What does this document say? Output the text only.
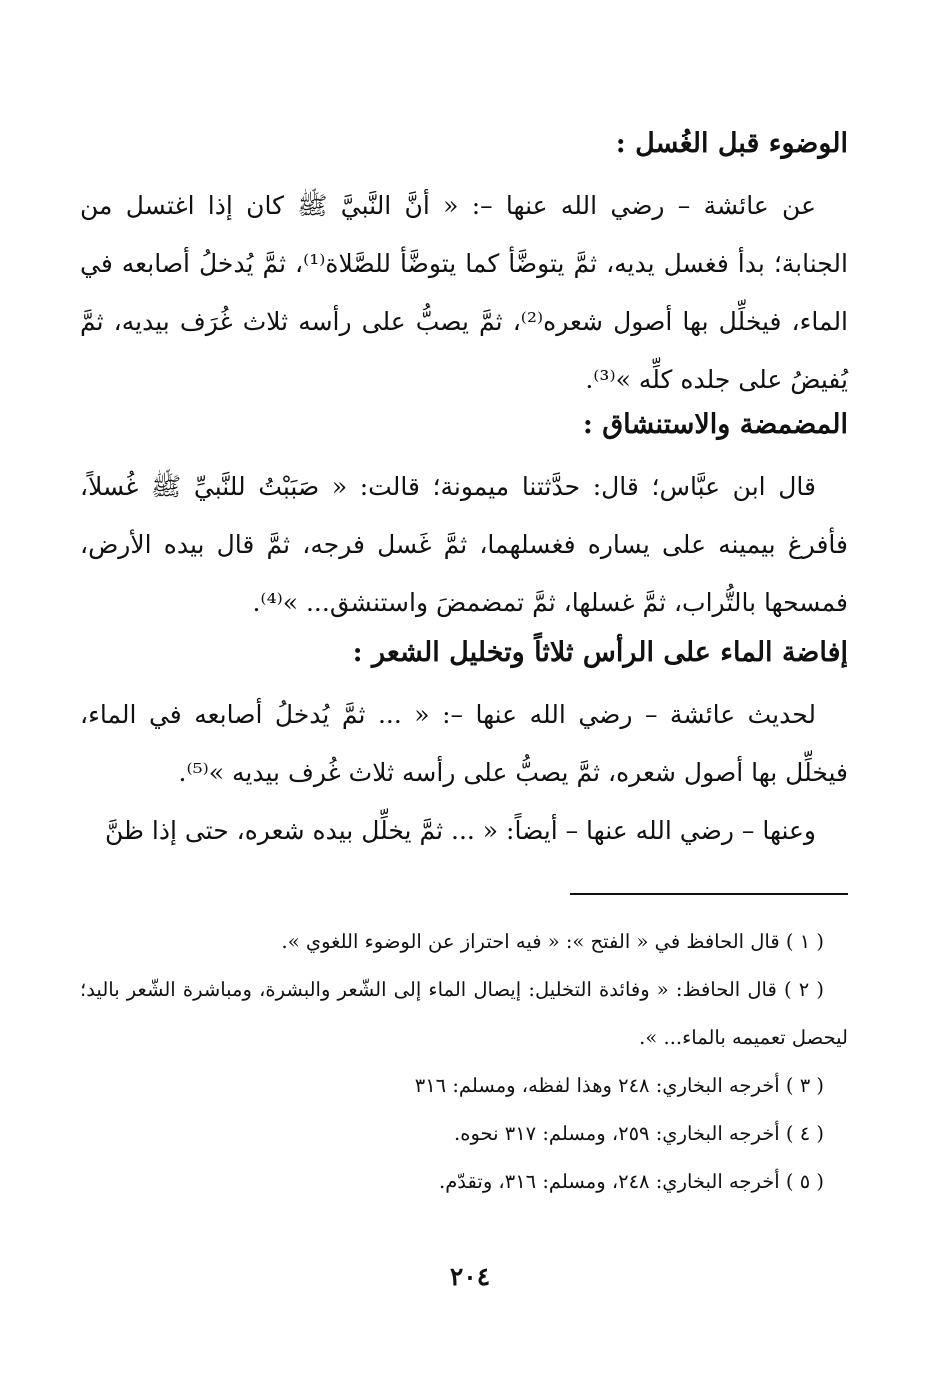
الوضوء قبل الغُسل :
عن عائشة – رضي الله عنها –: « أنَّ النَّبيَّ ﷺ كان إذا اغتسل من الجنابة؛ بدأ فغسل يديه، ثمَّ يتوضَّأ كما يتوضَّأ للصَّلاة⁽¹⁾، ثمَّ يُدخلُ أصابعه في الماء، فيخلِّل بها أصول شعره⁽²⁾، ثمَّ يصبُّ على رأسه ثلاث غُرَف بيديه، ثمَّ يُفيضُ على جلده كلِّه »⁽³⁾.
المضمضة والاستنشاق :
قال ابن عبَّاس؛ قال: حدَّثتنا ميمونة؛ قالت: « صَبَبْتُ للنَّبيِّ ﷺ غُسلاً، فأفرغ بيمينه على يساره فغسلهما، ثمَّ غَسل فرجه، ثمَّ قال بيده الأرض، فمسحها بالتُّراب، ثمَّ غسلها، ثمَّ تمضمضَ واستنشق... »⁽⁴⁾.
إفاضة الماء على الرأس ثلاثاً وتخليل الشعر :
لحديث عائشة – رضي الله عنها –: « ... ثمَّ يُدخلُ أصابعه في الماء، فيخلِّل بها أصول شعره، ثمَّ يصبُّ على رأسه ثلاث غُرف بيديه »⁽⁵⁾.
وعنها – رضي الله عنها – أيضاً: « ... ثمَّ يخلِّل بيده شعره، حتى إذا ظنَّ
( ١ ) قال الحافظ في « الفتح »: « فيه احتراز عن الوضوء اللغوي ».
( ٢ ) قال الحافظ: « وفائدة التخليل: إيصال الماء إلى الشّعر والبشرة، ومباشرة الشّعر باليد؛ ليحصل تعميمه بالماء... ».
( ٣ ) أخرجه البخاري: ٢٤٨ وهذا لفظه، ومسلم: ٣١٦
( ٤ ) أخرجه البخاري: ٢٥٩، ومسلم: ٣١٧ نحوه.
( ٥ ) أخرجه البخاري: ٢٤٨، ومسلم: ٣١٦، وتقدّم.
٢٠٤
